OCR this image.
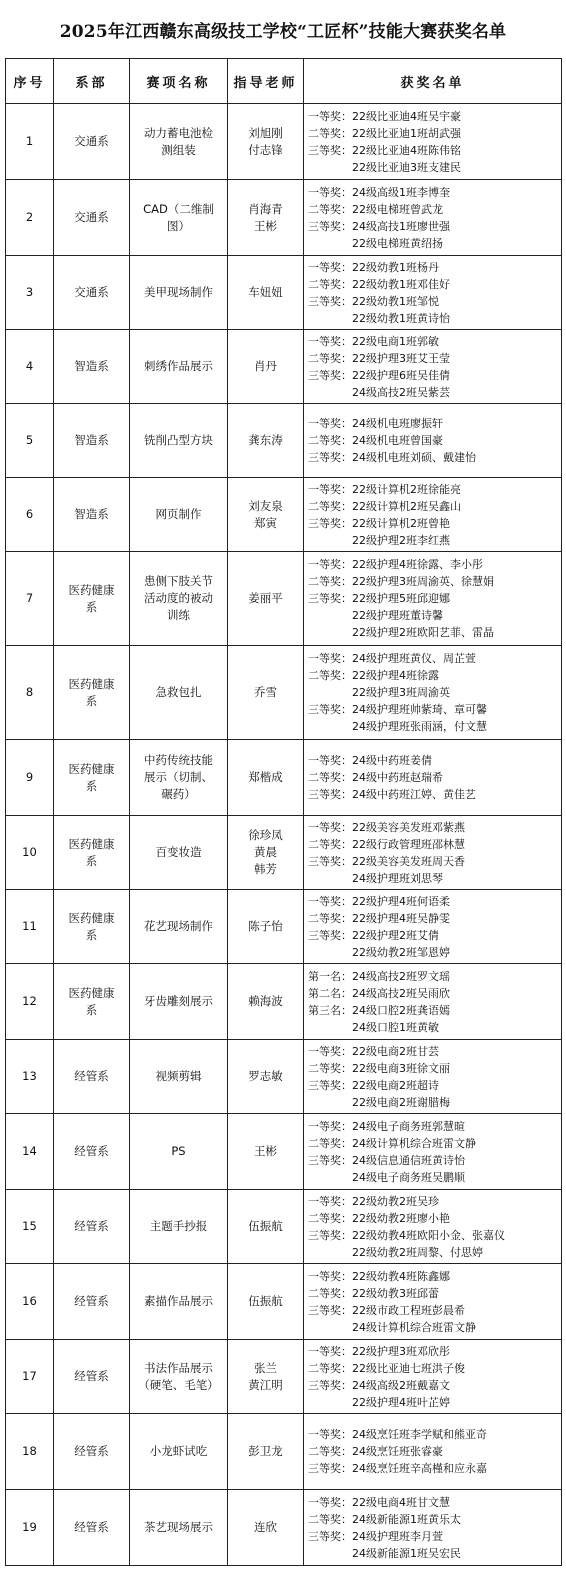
2025年江西赣东高级技工学校“工匠杯”技能大赛获奖名单
序号	系部	赛项名称	指导老师	获奖名单
1	交通系	动力蓄电池检
测组装	刘旭刚
付志锋	一等奖：22级比亚迪4班吴宇豪
二等奖：22级比亚迪1班胡武强
三等奖：22级比亚迪4班陈伟铭
　　　　22级比亚迪3班支建民

2	交通系	CAD（二维制
图）	肖海青
王彬	一等奖：24级高级1班李博奎
二等奖：22级电梯班曾武龙
三等奖：24级高技1班廖世强
　　　　22级电梯班黄绍扬

3	交通系	美甲现场制作	车妞妞	一等奖：22级幼教1班杨丹
二等奖：22级幼教1班邓佳好
三等奖：22级幼教1班邹悦
　　　　22级幼教1班黄诗怡

4	智造系	刺绣作品展示	肖丹	一等奖：22级电商1班郭敏
二等奖：22级护理3班艾王莹
三等奖：22级护理6班吴佳倩
　　　　24级高技2班吴紫芸

5	智造系	铣削凸型方块	龚东涛	一等奖：24级机电班廖振轩
二等奖：24级机电班曾国豪
三等奖：24级机电班刘硕、戴建怡

6	智造系	网页制作	刘友泉
郑寅	一等奖：22级计算机2班徐能亮
二等奖：22级计算机2班吴鑫山
三等奖：22级计算机2班曾艳
　　　　22级护理2班李红燕

7	医药健康
系	患侧下肢关节
活动度的被动
训练	姜丽平	一等奖：22级护理4班徐露、李小彤
二等奖：22级护理3班周渝英、徐慧娟
三等奖：22级护理5班邱迎娜
　　　　22级护理班董诗馨
　　　　22级护理2班欧阳艺菲、雷晶

8	医药健康
系	急救包扎	乔雪	一等奖：24级护理班黄仪、周芷萱
二等奖：22级护理4班徐露
　　　　22级护理3班周渝英
三等奖：24级护理班帅紫琦、章可馨
　　　　24级护理班张雨涵，付文慧

9	医药健康
系	中药传统技能
展示（切制、
碾药）	郑楷成	一等奖：24级中药班姜倩
二等奖：24级中药班赵瑞希
三等奖：24级中药班江婷、黄佳艺

10	医药健康
系	百变妆造	徐珍凤
黄晨
韩芳	一等奖：22级美容美发班邓紫燕
二等奖：22级行政管理班邵林慧
三等奖：22级美容美发班周天香
　　　　24级护理班刘思琴

11	医药健康
系	花艺现场制作	陈子怡	一等奖：22级护理4班何语柔
二等奖：22级护理4班吴静雯
三等奖：22级护理2班艾倩
　　　　22级幼教2班邹恩婷

12	医药健康
系	牙齿雕刻展示	赖海波	第一名：24级高技2班罗文瑶
第二名：24级高技2班吴雨欣
第三名：24级口腔2班龚语嫣
　　　　24级口腔1班黄敏

13	经管系	视频剪辑	罗志敏	一等奖：22级电商2班甘芸
二等奖：22级电商3班徐文丽
三等奖：22级电商2班超诗
　　　　22级电商2班谢腊梅

14	经管系	PS	王彬	一等奖：24级电子商务班郭慧暄
二等奖：24级计算机综合班雷文静
三等奖：24级信息通信班黄诗怡
　　　　24级电子商务班吴鹏顺

15	经管系	主题手抄报	伍振航	一等奖：22级幼教2班吴珍
二等奖：22级幼教2班廖小艳
三等奖：22级幼教4班欧阳小金、张嘉仪
　　　　22级幼教2班周黎、付思婷

16	经管系	素描作品展示	伍振航	一等奖：22级幼教4班陈鑫娜
二等奖：22级幼教3班邱蕾
三等奖：22级市政工程班彭晨希
　　　　24级计算机综合班雷文静

17	经管系	书法作品展示
（硬笔、毛笔）	张兰
黄江明	一等奖：22级护理3班邓欣彤
二等奖：22级比亚迪七班洪子俊
三等奖：24级高级2班戴嘉文
　　　　22级护理4班叶芷婷

18	经管系	小龙虾试吃	彭卫龙	一等奖：24级烹饪班李学赋和熊亚奇
二等奖：24级烹饪班张睿豪
三等奖：24级烹饪班辛高槿和应永嘉

19	经管系	茶艺现场展示	连欣	一等奖：22级电商4班甘文慧
二等奖：24级新能源1班黄乐太
三等奖：24级护理班李月萱
　　　　24级新能源1班吴宏民
